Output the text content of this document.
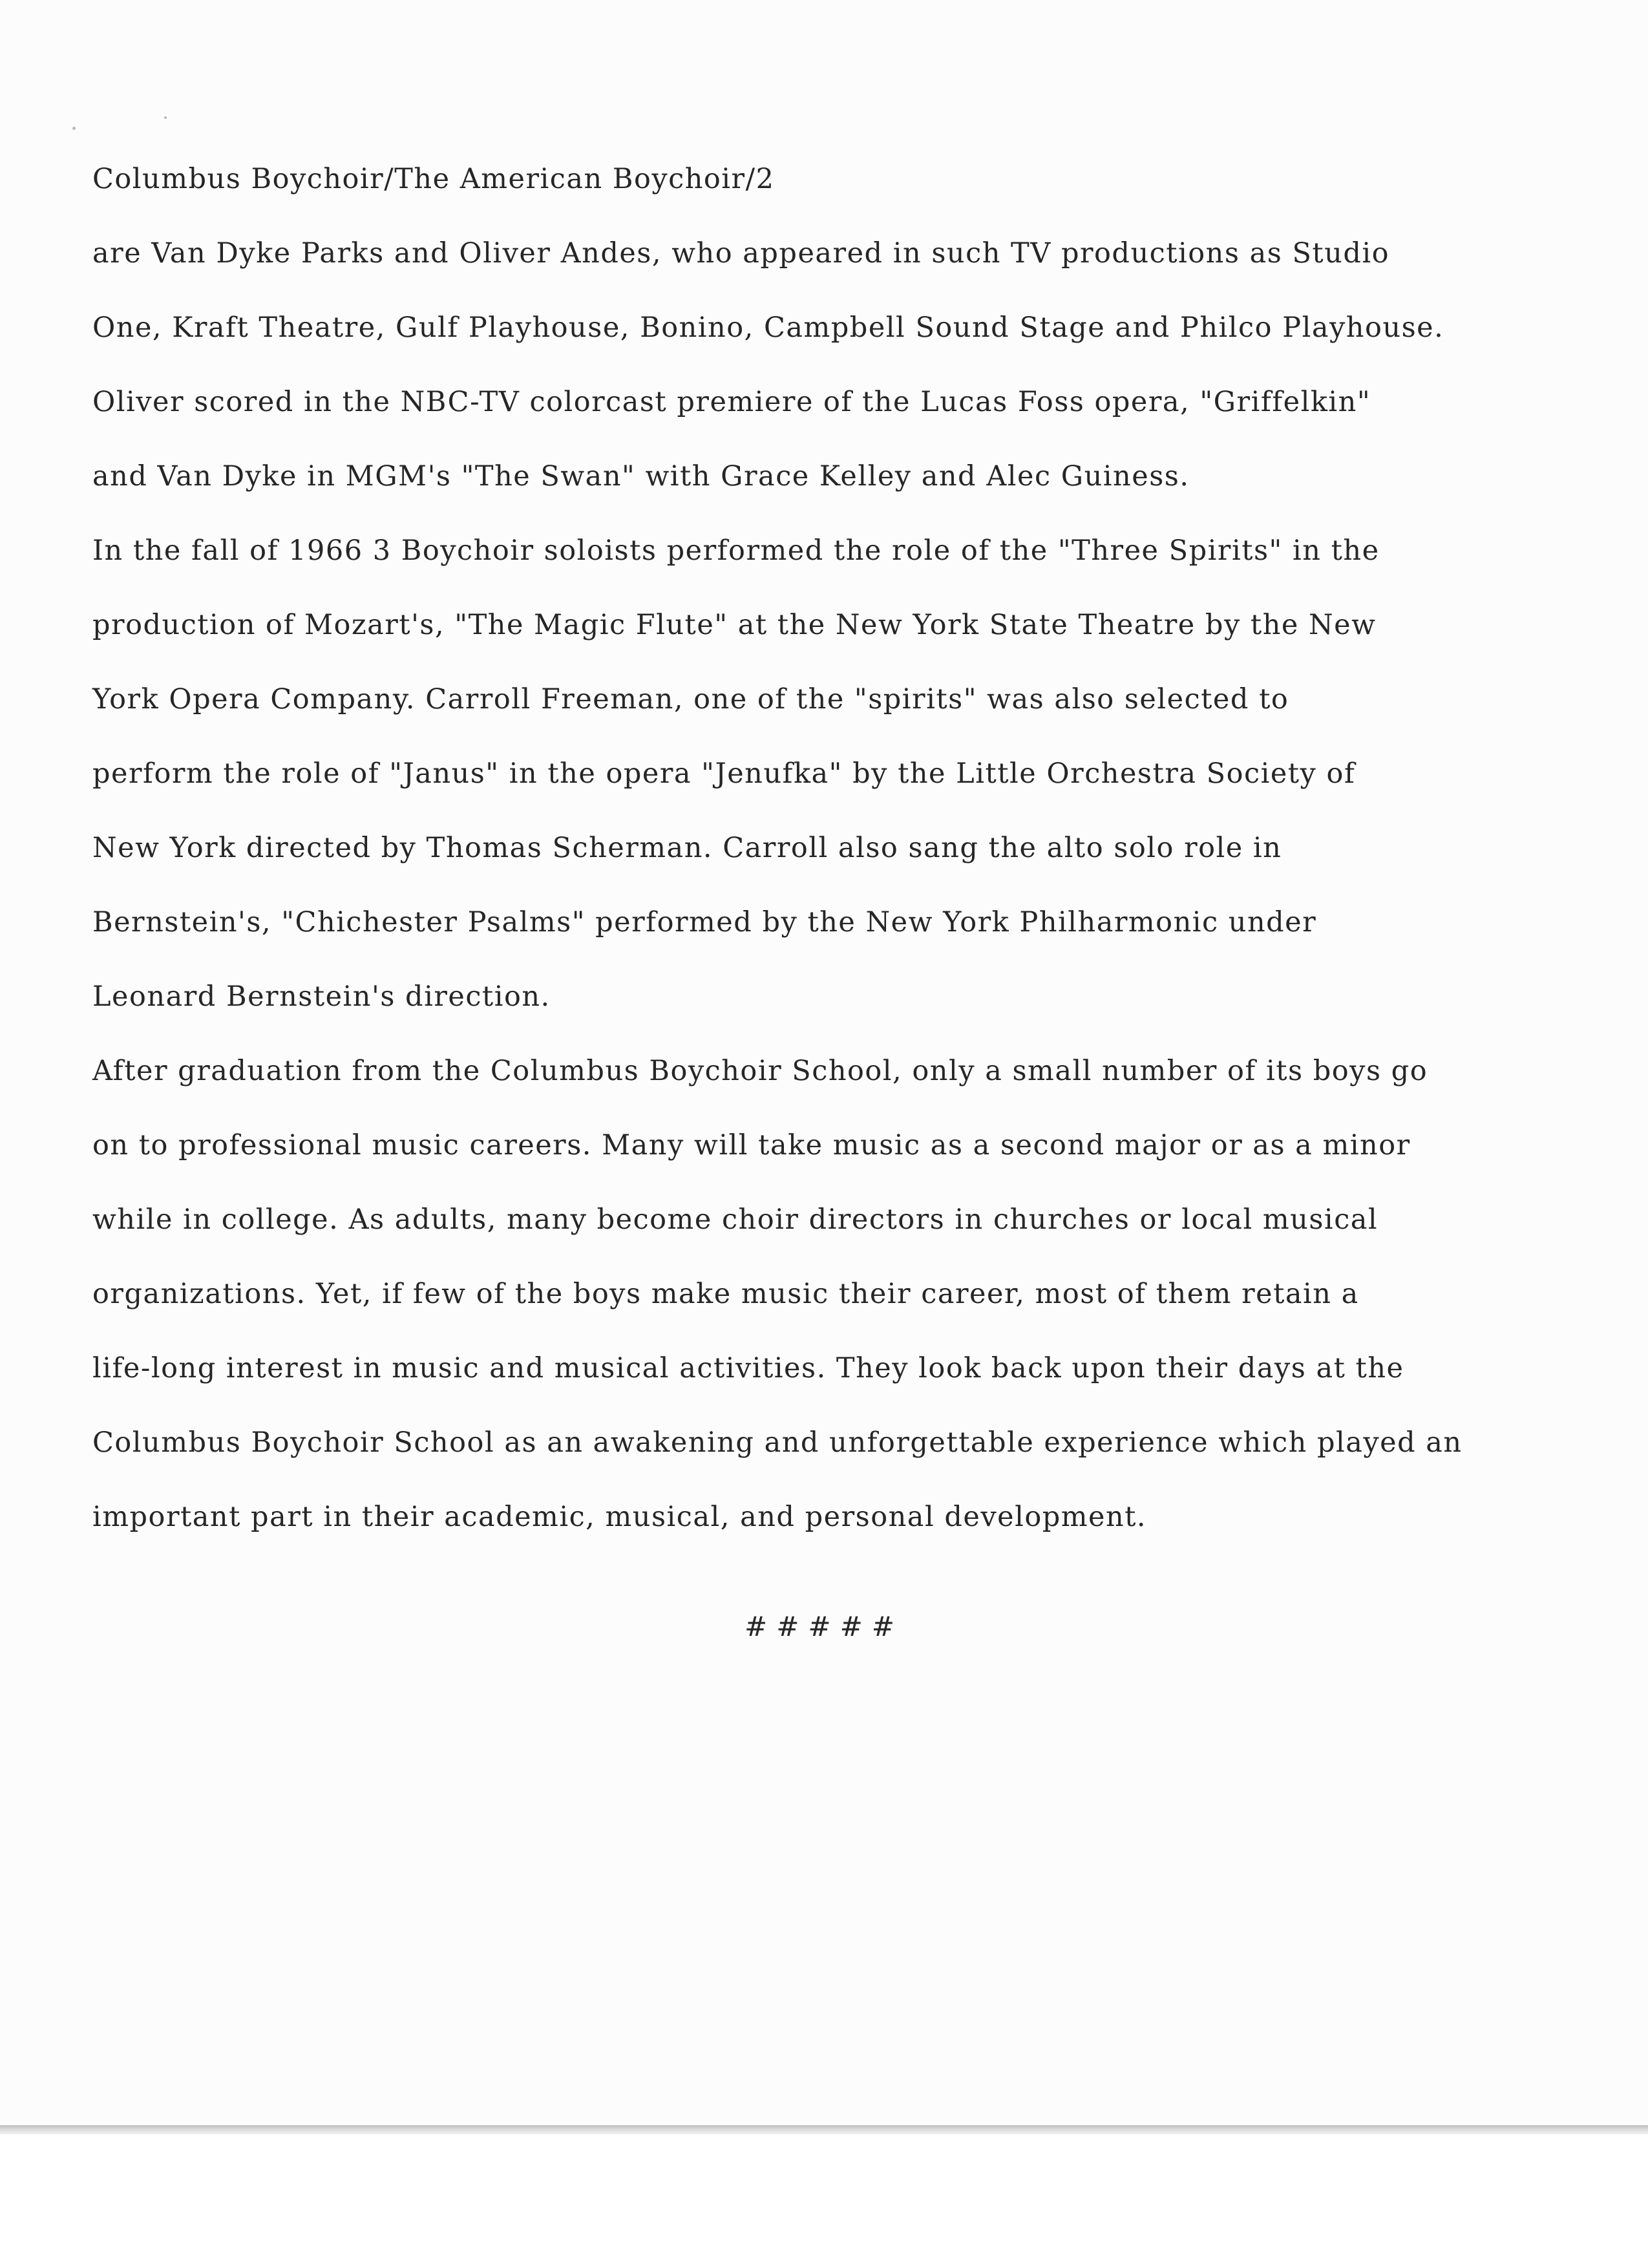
Columbus Boychoir/The American Boychoir/2
are Van Dyke Parks and Oliver Andes, who appeared in such TV productions as Studio
One, Kraft Theatre, Gulf Playhouse, Bonino, Campbell Sound Stage and Philco Playhouse.
Oliver scored in the NBC-TV colorcast premiere of the Lucas Foss opera, "Griffelkin"
and Van Dyke in MGM's "The Swan" with Grace Kelley and Alec Guiness.
In the fall of 1966 3 Boychoir soloists performed the role of the "Three Spirits" in the
production of Mozart's, "The Magic Flute" at the New York State Theatre by the New
York Opera Company. Carroll Freeman, one of the "spirits" was also selected to
perform the role of "Janus" in the opera "Jenufka" by the Little Orchestra Society of
New York directed by Thomas Scherman. Carroll also sang the alto solo role in
Bernstein's, "Chichester Psalms" performed by the New York Philharmonic under
Leonard Bernstein's direction.
After graduation from the Columbus Boychoir School, only a small number of its boys go
on to professional music careers. Many will take music as a second major or as a minor
while in college. As adults, many become choir directors in churches or local musical
organizations. Yet, if few of the boys make music their career, most of them retain a
life-long interest in music and musical activities. They look back upon their days at the
Columbus Boychoir School as an awakening and unforgettable experience which played an
important part in their academic, musical, and personal development.
#####
